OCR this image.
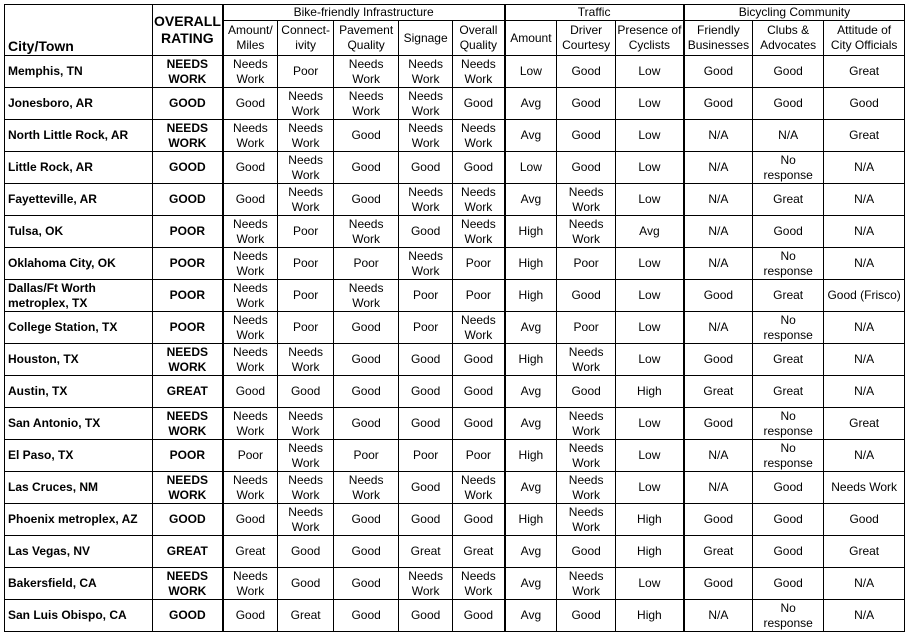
City/Town	OVERALL RATING	Bike-friendly Infrastructure					Traffic			Bicycling Community		
		Amount/ Miles	Connect- ivity	Pavement Quality	Signage	Overall Quality	Amount	Driver Courtesy	Presence of Cyclists	Friendly Businesses	Clubs & Advocates	Attitude of City Officials
Memphis, TN	NEEDS WORK	Needs Work	Poor	Needs Work	Needs Work	Needs Work	Low	Good	Low	Good	Good	Great
Jonesboro, AR	GOOD	Good	Needs Work	Needs Work	Needs Work	Good	Avg	Good	Low	Good	Good	Good
North Little Rock, AR	NEEDS WORK	Needs Work	Needs Work	Good	Needs Work	Needs Work	Avg	Good	Low	N/A	N/A	Great
Little Rock, AR	GOOD	Good	Needs Work	Good	Good	Good	Low	Good	Low	N/A	No response	N/A
Fayetteville, AR	GOOD	Good	Needs Work	Good	Needs Work	Needs Work	Avg	Needs Work	Low	N/A	Great	N/A
Tulsa, OK	POOR	Needs Work	Poor	Needs Work	Good	Needs Work	High	Needs Work	Avg	N/A	Good	N/A
Oklahoma City, OK	POOR	Needs Work	Poor	Poor	Needs Work	Poor	High	Poor	Low	N/A	No response	N/A
Dallas/Ft Worth metroplex, TX	POOR	Needs Work	Poor	Needs Work	Poor	Poor	High	Good	Low	Good	Great	Good (Frisco)
College Station, TX	POOR	Needs Work	Poor	Good	Poor	Needs Work	Avg	Poor	Low	N/A	No response	N/A
Houston, TX	NEEDS WORK	Needs Work	Needs Work	Good	Good	Good	High	Needs Work	Low	Good	Great	N/A
Austin, TX	GREAT	Good	Good	Good	Good	Good	Avg	Good	High	Great	Great	N/A
San Antonio, TX	NEEDS WORK	Needs Work	Needs Work	Good	Good	Good	Avg	Needs Work	Low	Good	No response	Great
El Paso, TX	POOR	Poor	Needs Work	Poor	Poor	Poor	High	Needs Work	Low	N/A	No response	N/A
Las Cruces, NM	NEEDS WORK	Needs Work	Needs Work	Needs Work	Good	Needs Work	Avg	Needs Work	Low	N/A	Good	Needs Work
Phoenix metroplex, AZ	GOOD	Good	Needs Work	Good	Good	Good	High	Needs Work	High	Good	Good	Good
Las Vegas, NV	GREAT	Great	Good	Good	Great	Great	Avg	Good	High	Great	Good	Great
Bakersfield, CA	NEEDS WORK	Needs Work	Good	Good	Needs Work	Needs Work	Avg	Needs Work	Low	Good	Good	N/A
San Luis Obispo, CA	GOOD	Good	Great	Good	Good	Good	Avg	Good	High	N/A	No response	N/A
